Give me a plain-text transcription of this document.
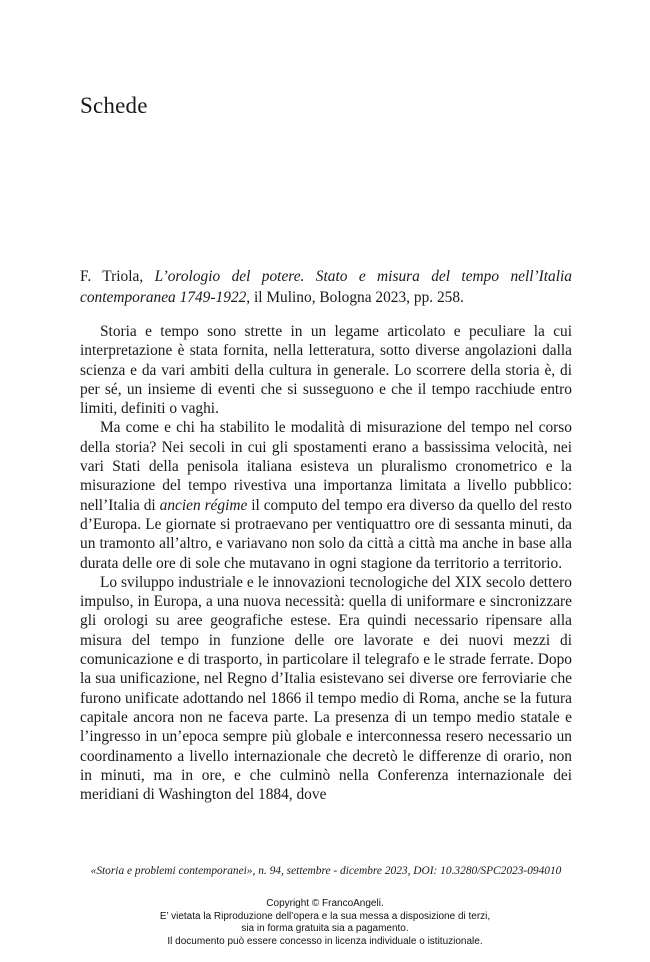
Schede

F. Triola, L’orologio del potere. Stato e misura del tempo nell’Italia contemporanea 1749-1922, il Mulino, Bologna 2023, pp. 258.

Storia e tempo sono strette in un legame articolato e peculiare la cui interpretazione è stata fornita, nella letteratura, sotto diverse angolazioni dalla scienza e da vari ambiti della cultura in generale. Lo scorrere della storia è, di per sé, un insieme di eventi che si susseguono e che il tempo racchiude entro limiti, definiti o vaghi.

Ma come e chi ha stabilito le modalità di misurazione del tempo nel corso della storia? Nei secoli in cui gli spostamenti erano a bassissima velocità, nei vari Stati della penisola italiana esisteva un pluralismo cronometrico e la misurazione del tempo rivestiva una importanza limitata a livello pubblico: nell’Italia di ancien régime il computo del tempo era diverso da quello del resto d’Europa. Le giornate si protraevano per ventiquattro ore di sessanta minuti, da un tramonto all’altro, e variavano non solo da città a città ma anche in base alla durata delle ore di sole che mutavano in ogni stagione da territorio a territorio.

Lo sviluppo industriale e le innovazioni tecnologiche del XIX secolo dettero impulso, in Europa, a una nuova necessità: quella di uniformare e sincronizzare gli orologi su aree geografiche estese. Era quindi necessario ripensare alla misura del tempo in funzione delle ore lavorate e dei nuovi mezzi di comunicazione e di trasporto, in particolare il telegrafo e le strade ferrate. Dopo la sua unificazione, nel Regno d’Italia esistevano sei diverse ore ferroviarie che furono unificate adottando nel 1866 il tempo medio di Roma, anche se la futura capitale ancora non ne faceva parte. La presenza di un tempo medio statale e l’ingresso in un’epoca sempre più globale e interconnessa resero necessario un coordinamento a livello internazionale che decretò le differenze di orario, non in minuti, ma in ore, e che culminò nella Conferenza internazionale dei meridiani di Washington del 1884, dove

«Storia e problemi contemporanei», n. 94, settembre - dicembre 2023, DOI: 10.3280/SPC2023-094010

Copyright © FrancoAngeli.
E’ vietata la Riproduzione dell’opera e la sua messa a disposizione di terzi,
sia in forma gratuita sia a pagamento.
Il documento può essere concesso in licenza individuale o istituzionale.
